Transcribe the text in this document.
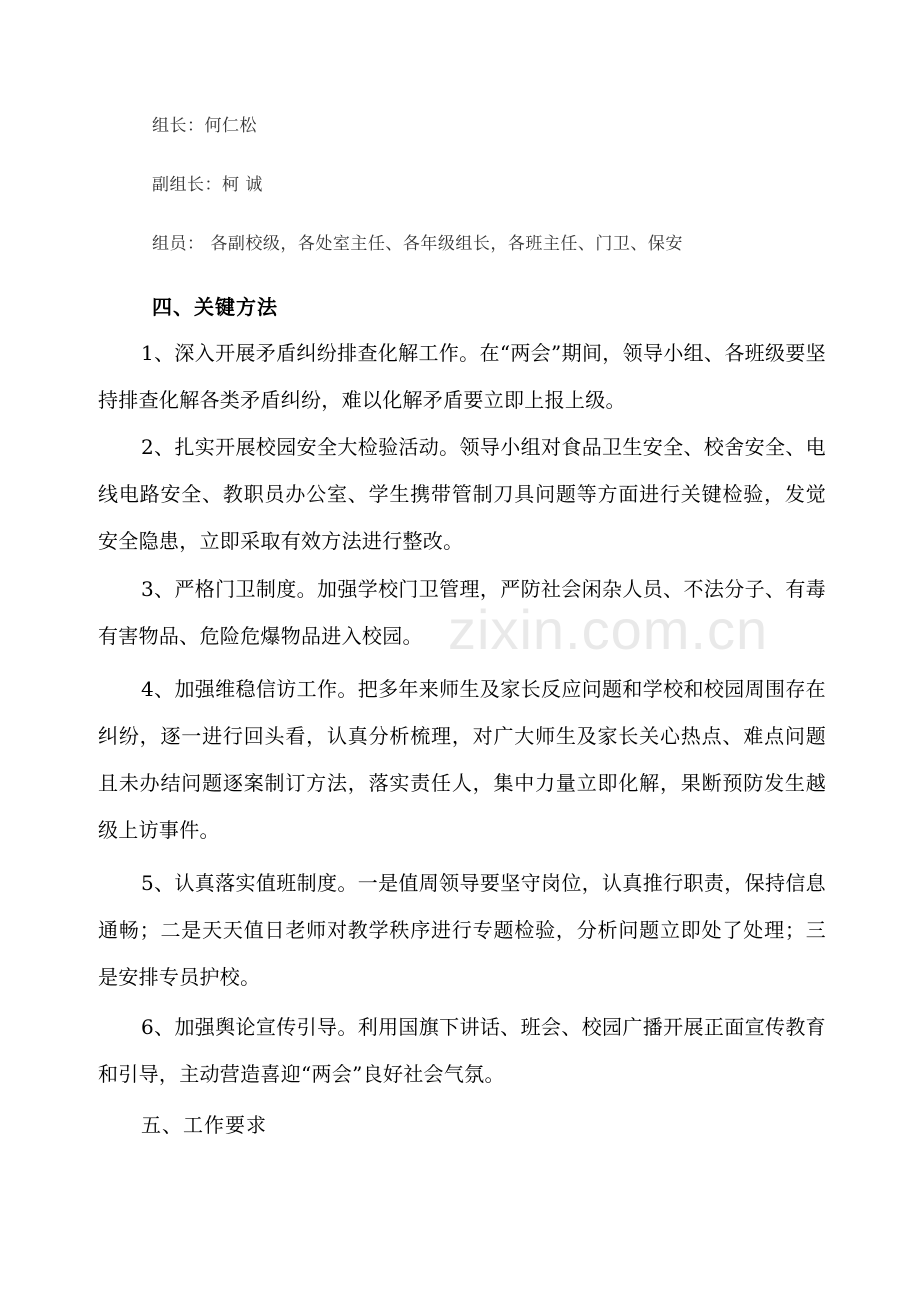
组长：何仁松
副组长：柯 诚
组员： 各副校级，各处室主任、各年级组长，各班主任、门卫、保安
四、关键方法
1、深入开展矛盾纠纷排查化解工作。在“两会”期间，领导小组、各班级要坚持排查化解各类矛盾纠纷，难以化解矛盾要立即上报上级。
2、扎实开展校园安全大检验活动。领导小组对食品卫生安全、校舍安全、电线电路安全、教职员办公室、学生携带管制刀具问题等方面进行关键检验，发觉安全隐患，立即采取有效方法进行整改。
3、严格门卫制度。加强学校门卫管理，严防社会闲杂人员、不法分子、有毒有害物品、危险危爆物品进入校园。
4、加强维稳信访工作。把多年来师生及家长反应问题和学校和校园周围存在纠纷，逐一进行回头看，认真分析梳理，对广大师生及家长关心热点、难点问题且未办结问题逐案制订方法，落实责任人，集中力量立即化解，果断预防发生越级上访事件。
5、认真落实值班制度。一是值周领导要坚守岗位，认真推行职责，保持信息通畅；二是天天值日老师对教学秩序进行专题检验，分析问题立即处了处理；三是安排专员护校。
6、加强舆论宣传引导。利用国旗下讲话、班会、校园广播开展正面宣传教育和引导，主动营造喜迎“两会”良好社会气氛。
五、工作要求
zixin.com.cn
